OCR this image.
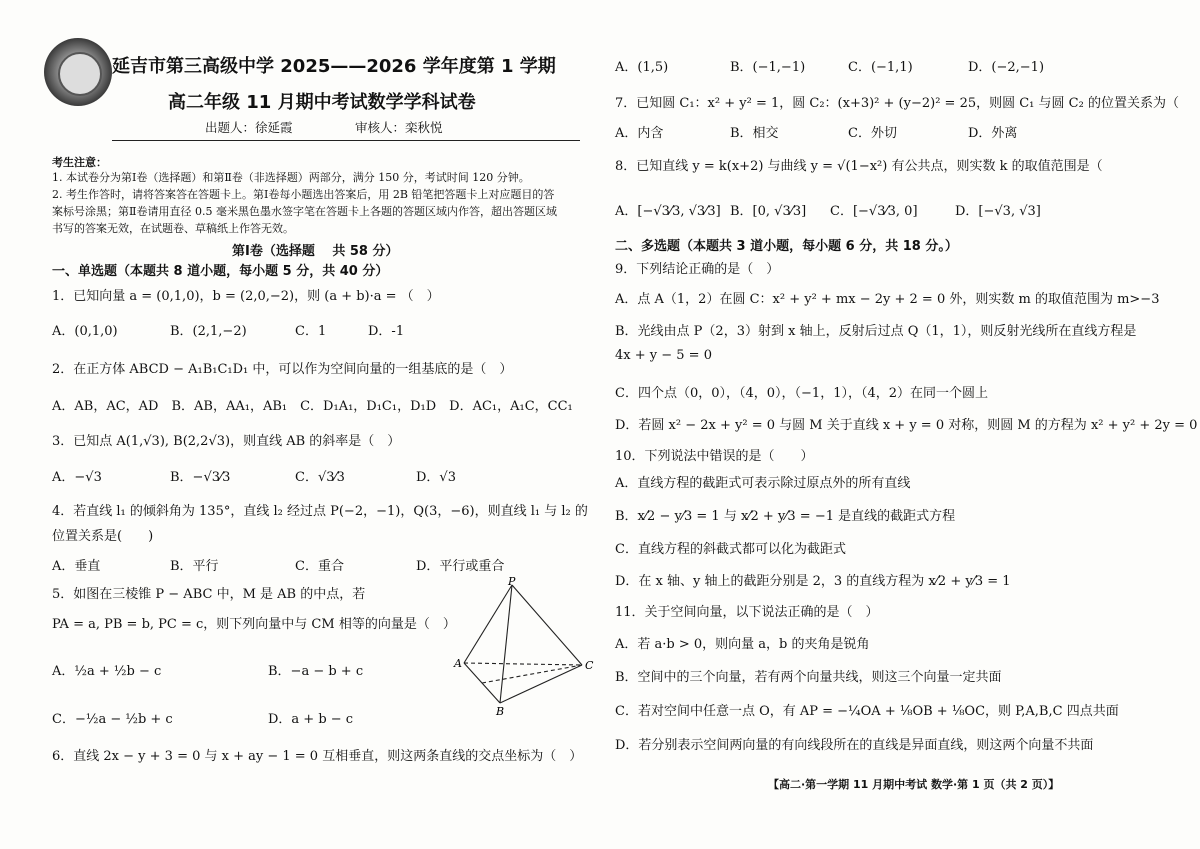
延吉市第三高级中学 2025——2026 学年度第 1 学期
高二年级 11 月期中考试数学学科试卷
出题人：徐延霞	审核人：栾秋悦
考生注意：
1. 本试卷分为第Ⅰ卷（选择题）和第Ⅱ卷（非选择题）两部分，满分 150 分，考试时间 120 分钟。
2. 考生作答时，请将答案答在答题卡上。第Ⅰ卷每小题选出答案后，用 2B 铅笔把答题卡上对应题目的答
案标号涂黑；第Ⅱ卷请用直径 0.5 毫米黑色墨水签字笔在答题卡上各题的答题区域内作答，超出答题区域
书写的答案无效，在试题卷、草稿纸上作答无效。
第Ⅰ卷（选择题　 共 58 分）
一、单选题（本题共 8 道小题，每小题 5 分，共 40 分）
1．已知向量 a = (0,1,0)，b = (2,0,−2)，则 (a + b)·a = （　）
A．(0,1,0)	B．(2,1,−2)	C．1	D．-1
2．在正方体 ABCD − A₁B₁C₁D₁ 中，可以作为空间向量的一组基底的是（　）
A．AB，AC，AD　B．AB，AA₁，AB₁　C．D₁A₁，D₁C₁，D₁D　D．AC₁，A₁C，CC₁
3．已知点 A(1,√3), B(2,2√3)，则直线 AB 的斜率是（　）
A．−√3	B．−√3⁄3	C．√3⁄3	D．√3
4．若直线 l₁ 的倾斜角为 135°，直线 l₂ 经过点 P(−2，−1)，Q(3，−6)，则直线 l₁ 与 l₂ 的
位置关系是(　　)
A．垂直	B．平行	C．重合	D．平行或重合
5．如图在三棱锥 P − ABC 中，M 是 AB 的中点，若
PA = a, PB = b, PC = c，则下列向量中与 CM 相等的向量是（　）
A．½a + ½b − c	B．−a − b + c
C．−½a − ½b + c	D．a + b − c
P
A
B
C
6．直线 2x − y + 3 = 0 与 x + ay − 1 = 0 互相垂直，则这两条直线的交点坐标为（　）
A．(1,5)	B．(−1,−1)	C．(−1,1)	D．(−2,−1)
7．已知圆 C₁：x² + y² = 1，圆 C₂：(x+3)² + (y−2)² = 25，则圆 C₁ 与圆 C₂ 的位置关系为（
A．内含	B．相交	C．外切	D．外离
8．已知直线 y = k(x+2) 与曲线 y = √(1−x²) 有公共点，则实数 k 的取值范围是（
A．[−√3⁄3, √3⁄3] B．[0, √3⁄3] C．[−√3⁄3, 0]	D．[−√3, √3]
二、多选题（本题共 3 道小题，每小题 6 分，共 18 分。）
9．下列结论正确的是（　）
A．点 A（1，2）在圆 C：x² + y² + mx − 2y + 2 = 0 外，则实数 m 的取值范围为 m>−3
B．光线由点 P（2，3）射到 x 轴上，反射后过点 Q（1，1），则反射光线所在直线方程是
4x + y − 5 = 0
C．四个点（0，0），（4，0），（−1，1），（4，2）在同一个圆上
D．若圆 x² − 2x + y² = 0 与圆 M 关于直线 x + y = 0 对称，则圆 M 的方程为 x² + y² + 2y = 0
10．下列说法中错误的是（　　）
A．直线方程的截距式可表示除过原点外的所有直线
B．x⁄2 − y⁄3 = 1 与 x⁄2 + y⁄3 = −1 是直线的截距式方程
C．直线方程的斜截式都可以化为截距式
D．在 x 轴、y 轴上的截距分别是 2，3 的直线方程为 x⁄2 + y⁄3 = 1
11．关于空间向量，以下说法正确的是（　）
A．若 a·b > 0，则向量 a，b 的夹角是锐角
B．空间中的三个向量，若有两个向量共线，则这三个向量一定共面
C．若对空间中任意一点 O，有 AP = −¼OA + ⅛OB + ⅛OC，则 P,A,B,C 四点共面
D．若分别表示空间两向量的有向线段所在的直线是异面直线，则这两个向量不共面
【高二·第一学期 11 月期中考试 数学·第 1 页（共 2 页）】
